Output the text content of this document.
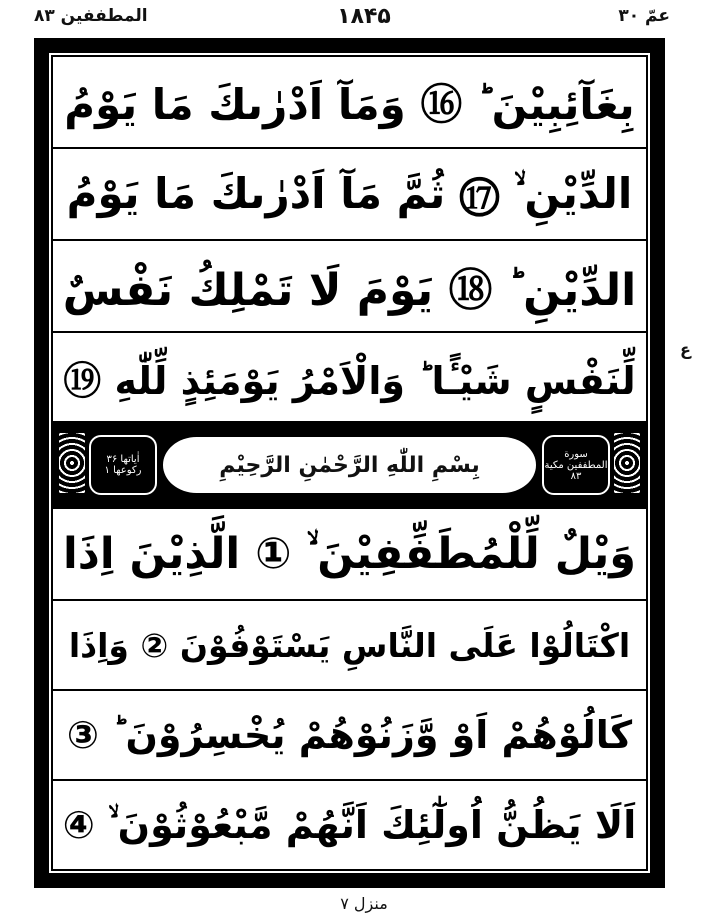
عمّ ۳۰
۱۸۴۵
المطففين ۸۳
بِغَآئِبِيْنَ ؕ ⑯ وَمَآ اَدْرٰىكَ مَا يَوْمُ
الدِّيْنِ ۙ ⑰ ثُمَّ مَآ اَدْرٰىكَ مَا يَوْمُ
الدِّيْنِ ؕ ⑱ يَوْمَ لَا تَمْلِكُ نَفْسٌ
لِّنَفْسٍ شَيْـًٔا ؕ وَالْاَمْرُ يَوْمَئِذٍ لِّلّٰهِ ⑲
اٰياتها ۳۶ ركوعها ۱	بِسْمِ اللّٰهِ الرَّحْمٰنِ الرَّحِيْمِ	سورة المطففين مكية ۸۳
وَيْلٌ لِّلْمُطَفِّفِيْنَ ۙ ① الَّذِيْنَ اِذَا
اكْتَالُوْا عَلَى النَّاسِ يَسْتَوْفُوْنَ ② وَاِذَا
كَالُوْهُمْ اَوْ وَّزَنُوْهُمْ يُخْسِرُوْنَ ؕ ③
اَلَا يَظُنُّ اُولٰٓئِكَ اَنَّهُمْ مَّبْعُوْثُوْنَ ۙ ④
ع
منزل ۷
